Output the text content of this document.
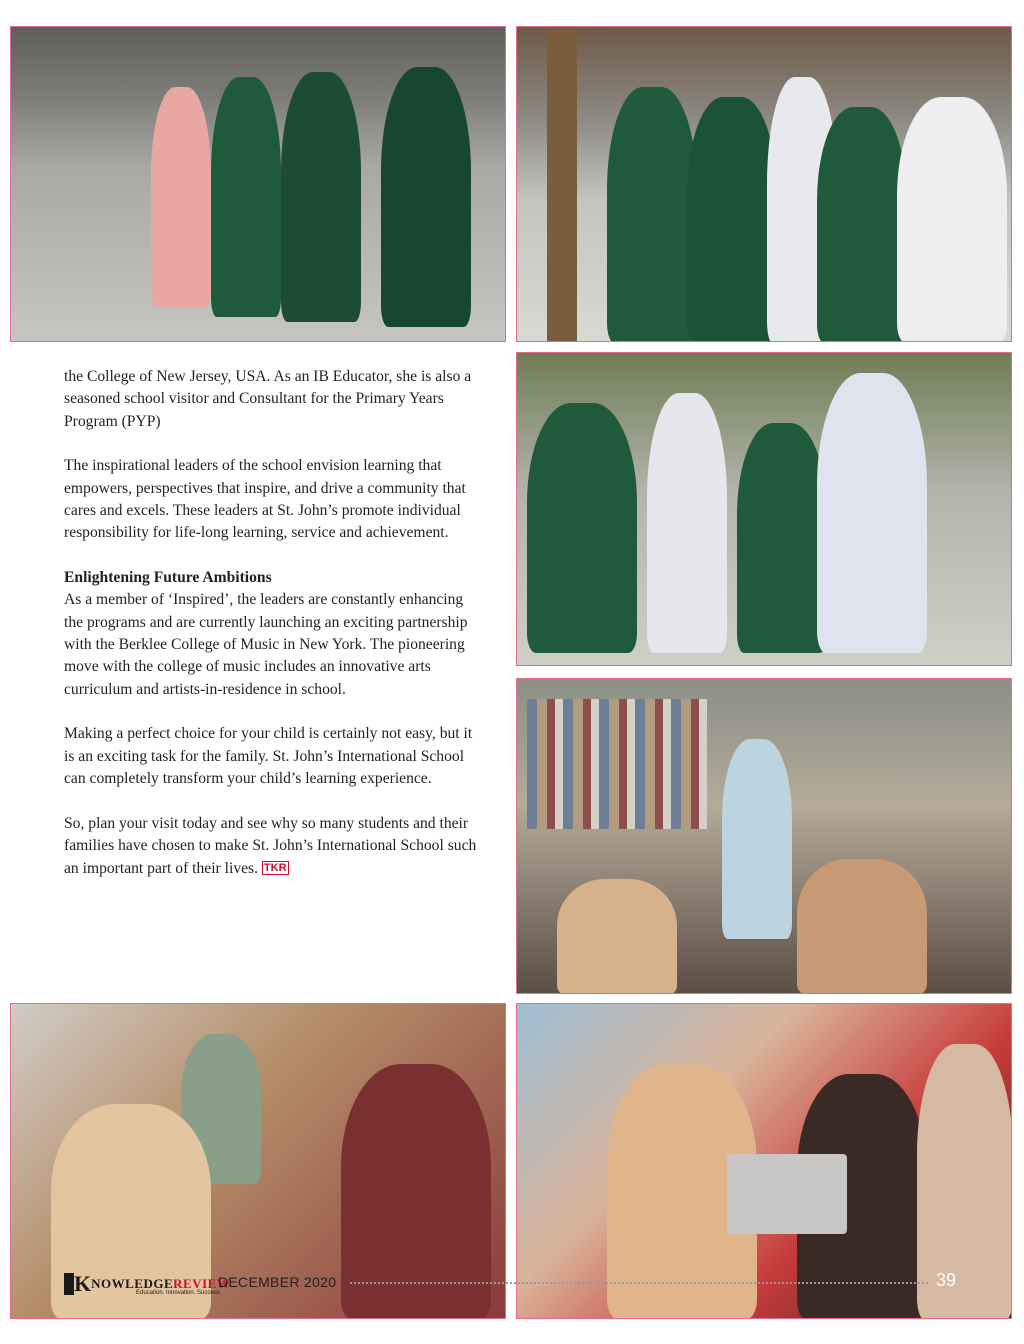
the College of New Jersey, USA. As an IB Educator, she is also a seasoned school visitor and Consultant for the Primary Years Program (PYP)

The inspirational leaders of the school envision learning that empowers, perspectives that inspire, and drive a community that cares and excels. These leaders at St. John’s promote individual responsibility for life-long learning, service and achievement.

Enlightening Future Ambitions

As a member of ‘Inspired’, the leaders are constantly enhancing the programs and are currently launching an exciting partnership with the Berklee College of Music in New York. The pioneering move with the college of music includes an innovative arts curriculum and artists-in-residence in school.

Making a perfect choice for your child is certainly not easy, but it is an exciting task for the family. St. John’s International School can completely transform your child’s learning experience.

So, plan your visit today and see why so many students and their families have chosen to make St. John’s International School such an important part of their lives. TKR

K NOWLEDGE REVIEW
Education. Innovation. Success
DECEMBER 2020	39
